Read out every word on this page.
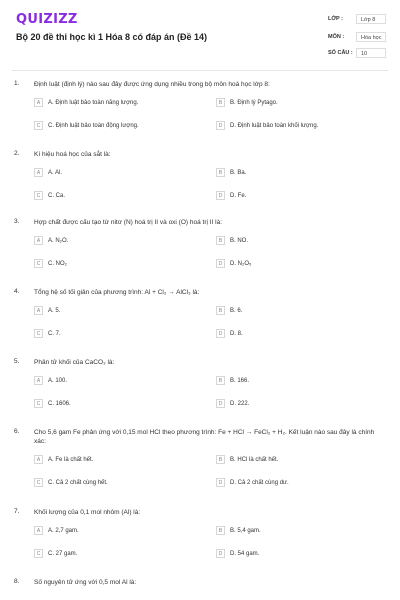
QUIZIZZ
Bộ 20 đề thi học kì 1 Hóa 8 có đáp án (Đề 14)
LỚP :	Lớp 8
MÔN :	Hóa học
SỐ CÂU :	10
1. Định luật (định lý) nào sau đây được ứng dụng nhiều trong bộ môn hoá học lớp 8:
A A. Định luật bảo toàn năng lượng.	B B. Định lý Pytago.
C C. Định luật bảo toàn động lượng.	D D. Định luật bảo toàn khối lượng.
2. Kí hiệu hoá học của sắt là:
A A. Al.	B B. Ba.
C C. Ca.	D D. Fe.
3. Hợp chất được cấu tạo từ nitơ (N) hoá trị II và oxi (O) hoá trị II là:
A A. N₂O.	B B. NO.
C C. NO₂	D D. N₂O₅
4. Tổng hệ số tối giản của phương trình: Al + Cl₂ → AlCl₃ là:
A A. 5.	B B. 6.
C C. 7.	D D. 8.
5. Phân tử khối của CaCO₃ là:
A A. 100.	B B. 166.
C C. 1606.	D D. 222.
6. Cho 5,6 gam Fe phản ứng với 0,15 mol HCl theo phương trình: Fe + HCl → FeCl₂ + H₂. Kết luận nào sau đây là chính xác:
A A. Fe là chất hết.	B B. HCl là chất hết.
C C. Cả 2 chất cùng hết.	D D. Cả 2 chất cùng dư.
7. Khối lượng của 0,1 mol nhôm (Al) là:
A A. 2,7 gam.	B B. 5,4 gam.
C C. 27 gam.	D D. 54 gam.
8. Số nguyên tử ứng với 0,5 mol Al là:
